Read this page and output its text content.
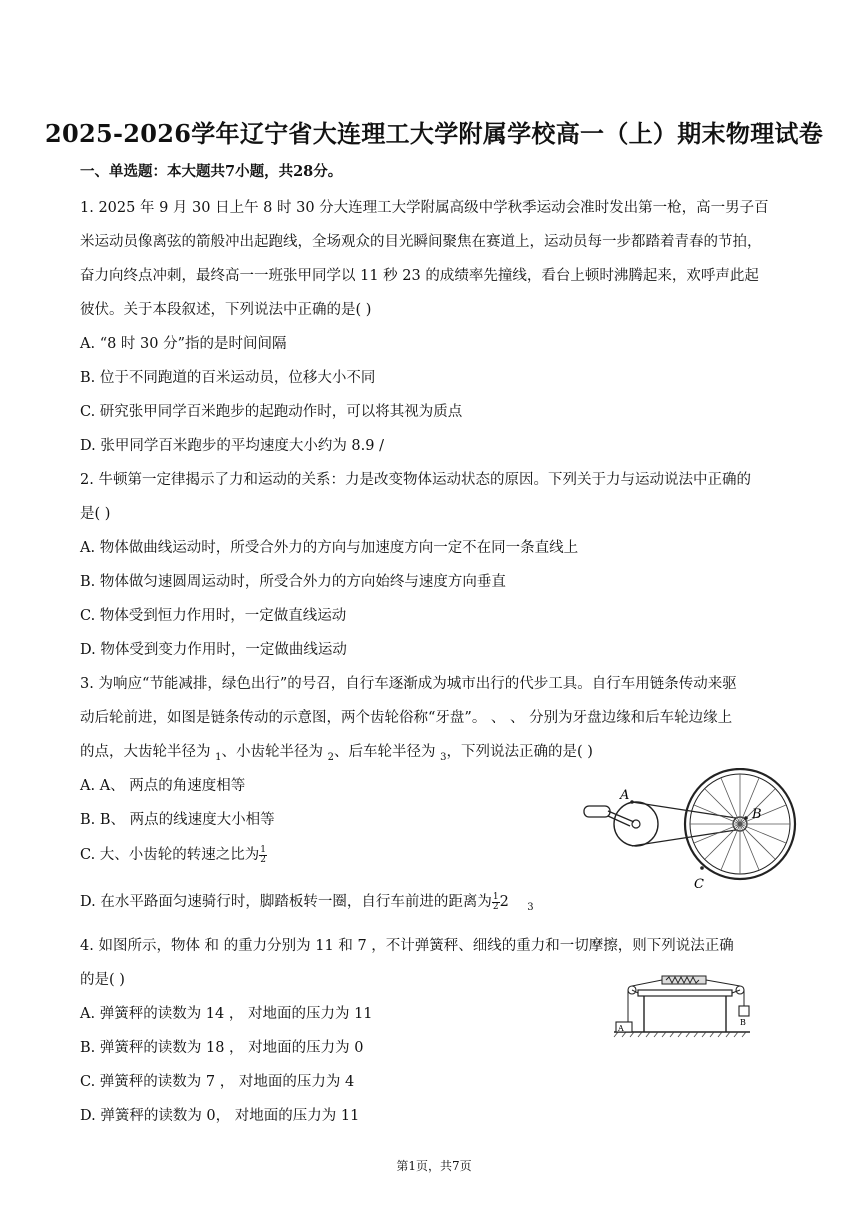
2025-2026学年辽宁省大连理工大学附属学校高一（上）期末物理试卷
一、单选题：本大题共7小题，共28分。
1. 2025 年 9 月 30 日上午 8 时 30 分大连理工大学附属高级中学秋季运动会准时发出第一枪，高一男子百
米运动员像离弦的箭般冲出起跑线，全场观众的目光瞬间聚焦在赛道上，运动员每一步都踏着青春的节拍，
奋力向终点冲刺，最终高一一班张甲同学以 11 秒 23 的成绩率先撞线，看台上顿时沸腾起来，欢呼声此起
彼伏。关于本段叙述，下列说法中正确的是( )
A. “8 时 30 分”指的是时间间隔
B. 位于不同跑道的百米运动员，位移大小不同
C. 研究张甲同学百米跑步的起跑动作时，可以将其视为质点
D. 张甲同学百米跑步的平均速度大小约为 8.9 /
2. 牛顿第一定律揭示了力和运动的关系：力是改变物体运动状态的原因。下列关于力与运动说法中正确的
是( )
A. 物体做曲线运动时，所受合外力的方向与加速度方向一定不在同一条直线上
B. 物体做匀速圆周运动时，所受合外力的方向始终与速度方向垂直
C. 物体受到恒力作用时，一定做直线运动
D. 物体受到变力作用时，一定做曲线运动
3. 为响应“节能减排，绿色出行”的号召，自行车逐渐成为城市出行的代步工具。自行车用链条传动来驱
动后轮前进，如图是链条传动的示意图，两个齿轮俗称“牙盘”。 、 、 分别为牙盘边缘和后车轮边缘上
的点，大齿轮半径为 $_1$、小齿轮半径为 $_2$、后车轮半径为 $_3$，下列说法正确的是( )
A. A、 两点的角速度相等
B. B、 两点的线速度大小相等
C. 大、小齿轮的转速之比为 $\frac{1}{2}$
D. 在水平路面匀速骑行时，脚踏板转一圈，自行车前进的距离为 $\frac{1}{2} 2$ $_3$
A
B
C
4. 如图所示，物体 和 的重力分别为 11 和 7 ，不计弹簧秤、细线的重力和一切摩擦，则下列说法正确
的是( )
A. 弹簧秤的读数为 14 ， 对地面的压力为 11
B. 弹簧秤的读数为 18 ， 对地面的压力为 0
C. 弹簧秤的读数为 7 ， 对地面的压力为 4
D. 弹簧秤的读数为 0， 对地面的压力为 11
A
B
第1页，共7页
